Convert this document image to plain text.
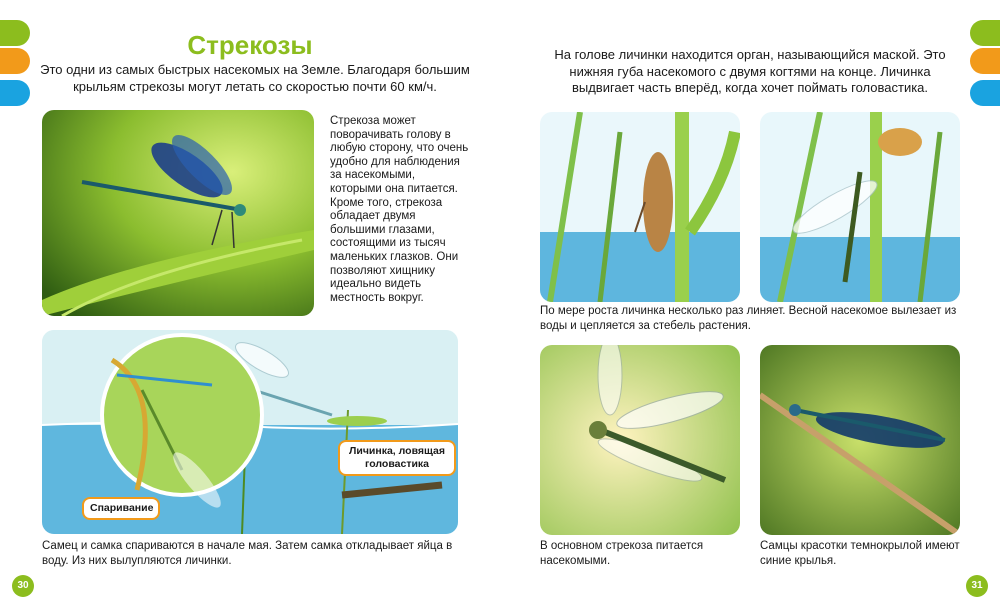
Стрекозы
Это одни из самых быстрых насекомых на Земле. Благодаря большим крыльям стрекозы могут летать со скоростью почти 60 км/ч.
Стрекоза может поворачивать голову в любую сторону, что очень удобно для наблюдения за насекомыми, которыми она питается. Кроме того, стрекоза обладает двумя большими глазами, состоящими из тысяч маленьких глазков. Они позволяют хищнику идеально видеть местность вокруг.
Спаривание
Личинка, ловящая головастика
Самец и самка спариваются в начале мая. Затем самка откладывает яйца в воду. Из них вылупляются личинки.
30	31
На голове личинки находится орган, называющийся маской. Это нижняя губа насекомого с двумя когтями на конце. Личинка выдвигает часть вперёд, когда хочет поймать головастика.
По мере роста личинка несколько раз линяет. Весной насекомое вылезает из воды и цепляется за стебель растения.
В основном стрекоза питается насекомыми.
Самцы красотки темнокрылой имеют синие крылья.
